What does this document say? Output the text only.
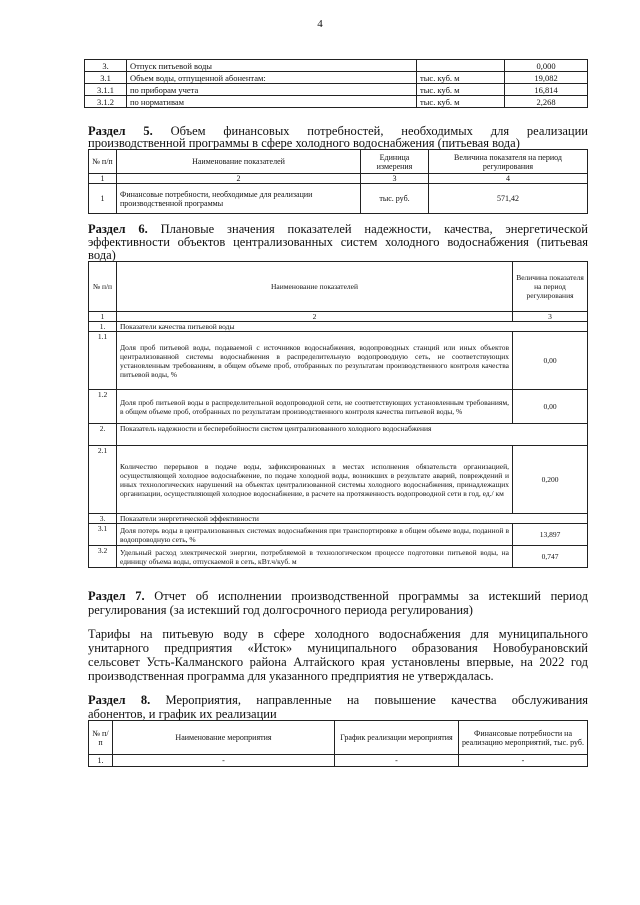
4
3.	Отпуск питьевой воды		0,000
3.1	Объем воды, отпущенной абонентам:	тыс. куб. м	19,082
3.1.1	по приборам учета	тыс. куб. м	16,814
3.1.2	по нормативам	тыс. куб. м	2,268
Раздел 5. Объем финансовых потребностей, необходимых для реализации
производственной программы в сфере холодного водоснабжения (питьевая вода)
№ п/п	Наименование показателей	Единица измерения	Величина показателя на период регулирования
1	2	3	4
1	Финансовые потребности, необходимые для реализации производственной программы	тыс. руб.	571,42
Раздел 6. Плановые значения показателей надежности, качества, энергетической
эффективности объектов централизованных систем холодного водоснабжения (питьевая
вода)
№ п/п	Наименование показателей	Величина показателя на период регулирования
1	2	3
1.	Показатели качества питьевой воды	
1.1	Доля проб питьевой воды, подаваемой с источников водоснабжения, водопроводных станций или иных объектов централизованной системы водоснабжения в распределительную водопроводную сеть, не соответствующих установленным требованиям, в общем объеме проб, отобранных по результатам производственного контроля качества питьевой воды, %	0,00
1.2	Доля проб питьевой воды в распределительной водопроводной сети, не соответствующих установленным требованиям, в общем объеме проб, отобранных по результатам производственного контроля качества питьевой воды, %	0,00
2.	Показатель надежности и бесперебойности систем централизованного холодного водоснабжения	
2.1	Количество перерывов в подаче воды, зафиксированных в местах исполнения обязательств организацией, осуществляющей холодное водоснабжение, по подаче холодной воды, возникших в результате аварий, повреждений и иных технологических нарушений на объектах централизованной системы холодного водоснабжения, принадлежащих организации, осуществляющей холодное водоснабжение, в расчете на протяженность водопроводной сети в год, ед./ км	0,200
3.	Показатели энергетической эффективности	
3.1	Доля потерь воды в централизованных системах водоснабжения при транспортировке в общем объеме воды, поданной в водопроводную сеть, %	13,897
3.2	Удельный расход электрической энергии, потребляемой в технологическом процессе подготовки питьевой воды, на единицу объема воды, отпускаемой в сеть, кВт.ч/куб. м	0,747
Раздел 7. Отчет об исполнении производственной программы за истекший период
регулирования (за истекший год долгосрочного периода регулирования)
Тарифы на питьевую воду в сфере холодного водоснабжения для муниципального
унитарного предприятия «Исток» муниципального образования Новобурановский
сельсовет Усть-Калманского района Алтайского края установлены впервые, на 2022 год
производственная программа для указанного предприятия не утверждалась.
Раздел 8. Мероприятия, направленные на повышение качества обслуживания
абонентов, и график их реализации
№ п/п	Наименование мероприятия	График реализации мероприятия	Финансовые потребности на реализацию мероприятий, тыс. руб.
1.	-	-	-
